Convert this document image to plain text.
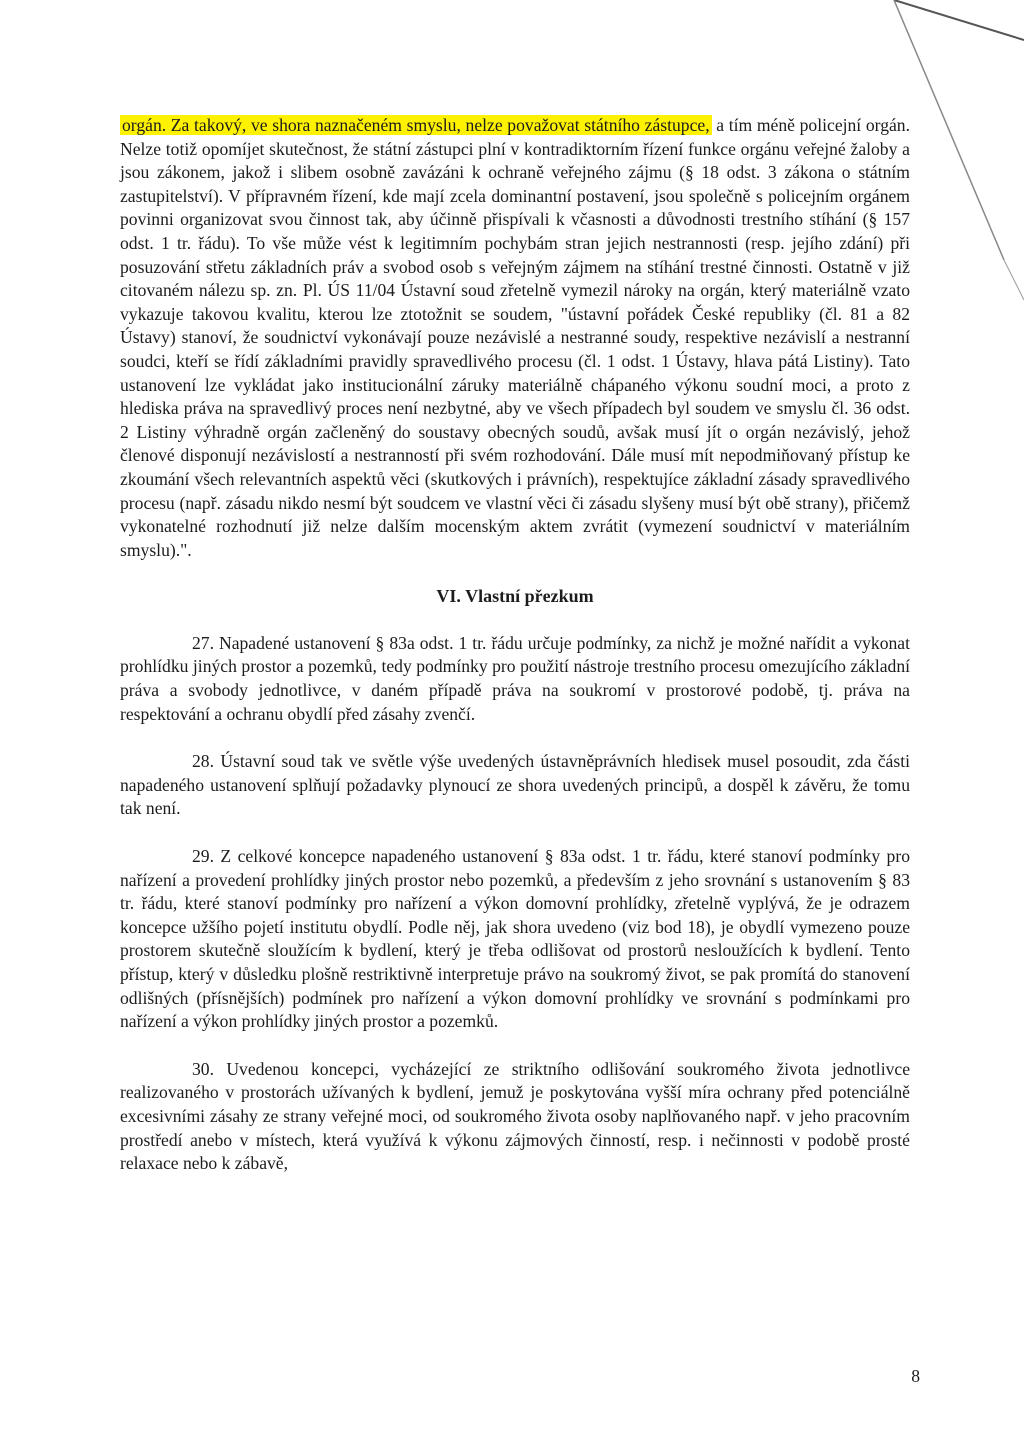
orgán. Za takový, ve shora naznačeném smyslu, nelze považovat státního zástupce, a tím méně policejní orgán. Nelze totiž opomíjet skutečnost, že státní zástupci plní v kontradiktorním řízení funkce orgánu veřejné žaloby a jsou zákonem, jakož i slibem osobně zavázáni k ochraně veřejného zájmu (§ 18 odst. 3 zákona o státním zastupitelství). V přípravném řízení, kde mají zcela dominantní postavení, jsou společně s policejním orgánem povinni organizovat svou činnost tak, aby účinně přispívali k včasnosti a důvodnosti trestního stíhání (§ 157 odst. 1 tr. řádu). To vše může vést k legitimním pochybám stran jejich nestrannosti (resp. jejího zdání) při posuzování střetu základních práv a svobod osob s veřejným zájmem na stíhání trestné činnosti. Ostatně v již citovaném nálezu sp. zn. Pl. ÚS 11/04 Ústavní soud zřetelně vymezil nároky na orgán, který materiálně vzato vykazuje takovou kvalitu, kterou lze ztotožnit se soudem, "ústavní pořádek České republiky (čl. 81 a 82 Ústavy) stanoví, že soudnictví vykonávají pouze nezávislé a nestranné soudy, respektive nezávislí a nestranní soudci, kteří se řídí základními pravidly spravedlivého procesu (čl. 1 odst. 1 Ústavy, hlava pátá Listiny). Tato ustanovení lze vykládat jako institucionální záruky materiálně chápaného výkonu soudní moci, a proto z hlediska práva na spravedlivý proces není nezbytné, aby ve všech případech byl soudem ve smyslu čl. 36 odst. 2 Listiny výhradně orgán začleněný do soustavy obecných soudů, avšak musí jít o orgán nezávislý, jehož členové disponují nezávislostí a nestranností při svém rozhodování. Dále musí mít nepodmiňovaný přístup ke zkoumání všech relevantních aspektů věci (skutkových i právních), respektujíce základní zásady spravedlivého procesu (např. zásadu nikdo nesmí být soudcem ve vlastní věci či zásadu slyšeny musí být obě strany), přičemž vykonatelné rozhodnutí již nelze dalším mocenským aktem zvrátit (vymezení soudnictví v materiálním smyslu).".

VI. Vlastní přezkum

27. Napadené ustanovení § 83a odst. 1 tr. řádu určuje podmínky, za nichž je možné nařídit a vykonat prohlídku jiných prostor a pozemků, tedy podmínky pro použití nástroje trestního procesu omezujícího základní práva a svobody jednotlivce, v daném případě práva na soukromí v prostorové podobě, tj. práva na respektování a ochranu obydlí před zásahy zvenčí.

28. Ústavní soud tak ve světle výše uvedených ústavněprávních hledisek musel posoudit, zda části napadeného ustanovení splňují požadavky plynoucí ze shora uvedených principů, a dospěl k závěru, že tomu tak není.

29. Z celkové koncepce napadeného ustanovení § 83a odst. 1 tr. řádu, které stanoví podmínky pro nařízení a provedení prohlídky jiných prostor nebo pozemků, a především z jeho srovnání s ustanovením § 83 tr. řádu, které stanoví podmínky pro nařízení a výkon domovní prohlídky, zřetelně vyplývá, že je odrazem koncepce užšího pojetí institutu obydlí. Podle něj, jak shora uvedeno (viz bod 18), je obydlí vymezeno pouze prostorem skutečně sloužícím k bydlení, který je třeba odlišovat od prostorů nesloužících k bydlení. Tento přístup, který v důsledku plošně restriktivně interpretuje právo na soukromý život, se pak promítá do stanovení odlišných (přísnějších) podmínek pro nařízení a výkon domovní prohlídky ve srovnání s podmínkami pro nařízení a výkon prohlídky jiných prostor a pozemků.

30. Uvedenou koncepci, vycházející ze striktního odlišování soukromého života jednotlivce realizovaného v prostorách užívaných k bydlení, jemuž je poskytována vyšší míra ochrany před potenciálně excesivními zásahy ze strany veřejné moci, od soukromého života osoby naplňovaného např. v jeho pracovním prostředí anebo v místech, která využívá k výkonu zájmových činností, resp. i nečinnosti v podobě prosté relaxace nebo k zábavě,

8
